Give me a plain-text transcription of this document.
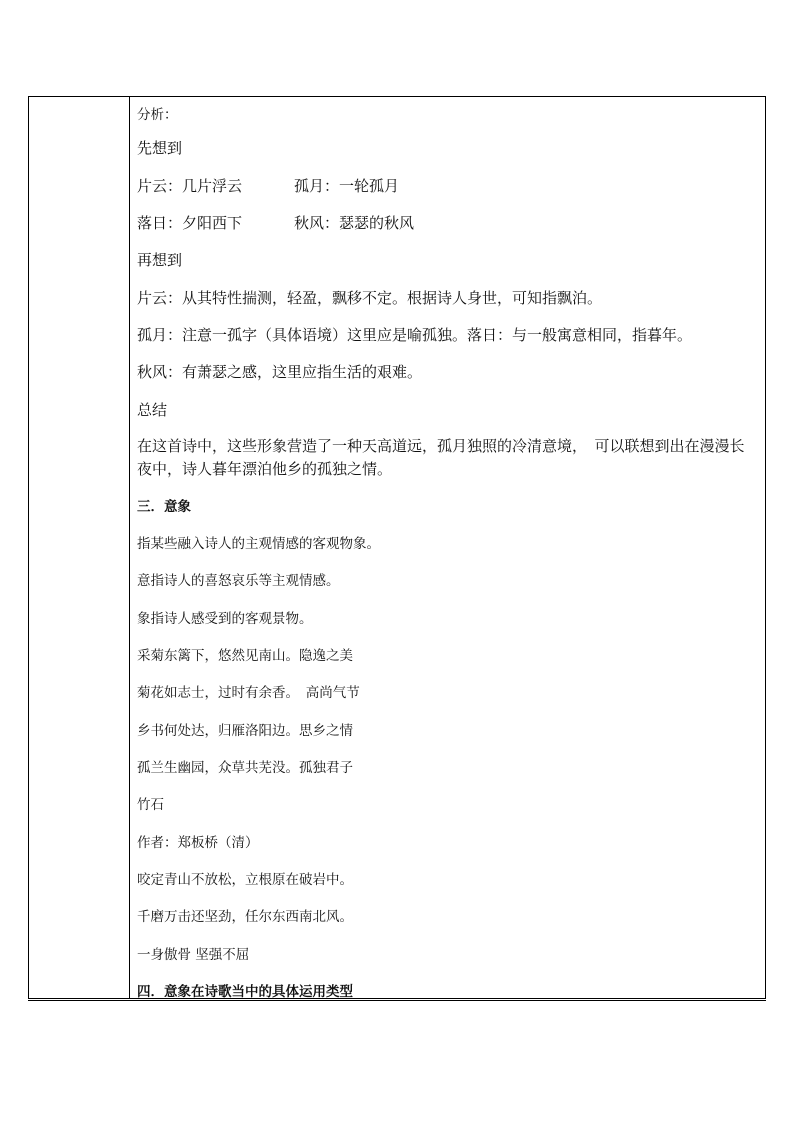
分析：
先想到
片云：几片浮云	孤月：一轮孤月
落日：夕阳西下	秋风：瑟瑟的秋风
再想到
片云：从其特性揣测，轻盈，飘移不定。根据诗人身世，可知指飘泊。
孤月：注意一孤字（具体语境）这里应是喻孤独。落日：与一般寓意相同，指暮年。
秋风：有萧瑟之感，这里应指生活的艰难。
总结
在这首诗中，这些形象营造了一种天高道远，孤月独照的冷清意境，　可以联想到出在漫漫长夜中，诗人暮年漂泊他乡的孤独之情。
三．意象
指某些融入诗人的主观情感的客观物象。
意指诗人的喜怒哀乐等主观情感。
象指诗人感受到的客观景物。
采菊东篱下，悠然见南山。隐逸之美
菊花如志士，过时有余香。　高尚气节
乡书何处达，归雁洛阳边。思乡之情
孤兰生幽园，众草共芜没。孤独君子
竹石
作者：郑板桥（清）
咬定青山不放松，立根原在破岩中。
千磨万击还坚劲，任尔东西南北风。
一身傲骨 坚强不屈
四．意象在诗歌当中的具体运用类型
